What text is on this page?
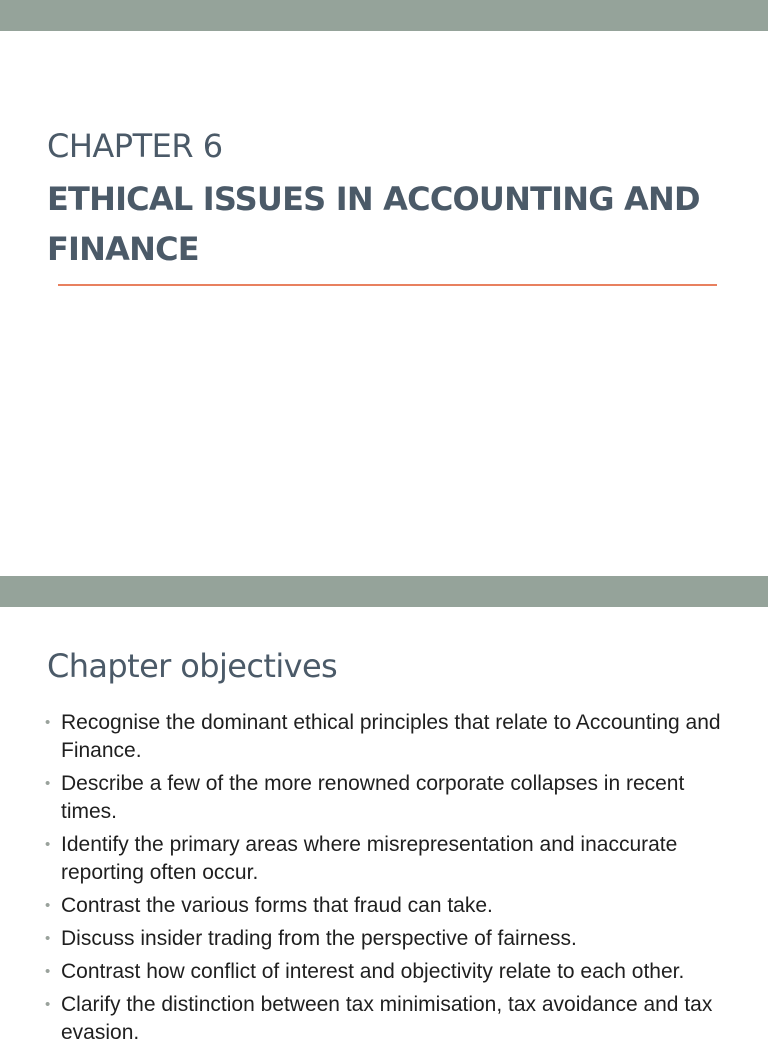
CHAPTER 6
ETHICAL ISSUES IN ACCOUNTING AND FINANCE
Chapter objectives
• Recognise the dominant ethical principles that relate to Accounting and Finance.
• Describe a few of the more renowned corporate collapses in recent times.
• Identify the primary areas where misrepresentation and inaccurate reporting often occur.
• Contrast the various forms that fraud can take.
• Discuss insider trading from the perspective of fairness.
• Contrast how conflict of interest and objectivity relate to each other.
• Clarify the distinction between tax minimisation, tax avoidance and tax evasion.
